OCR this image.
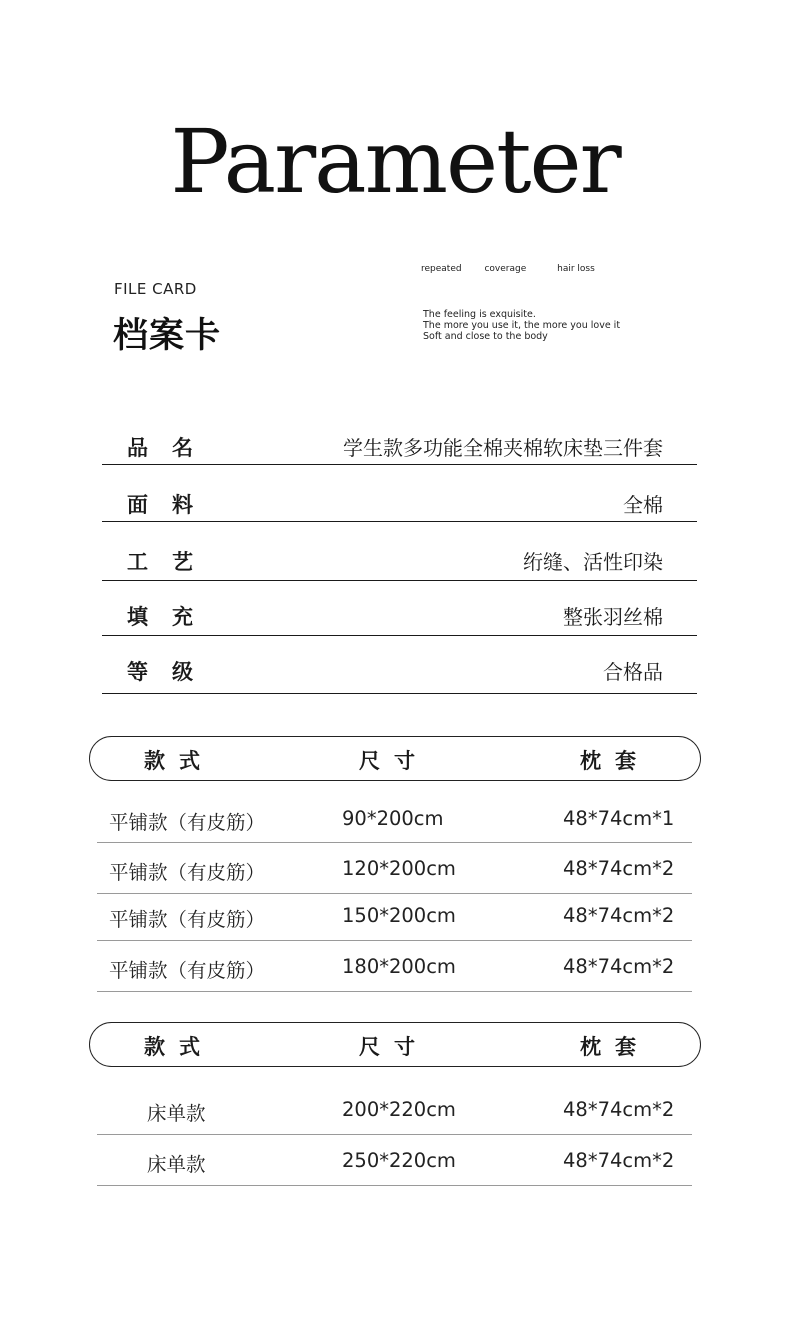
Parameter
repeated	coverage	hair loss
FILE CARD
档案卡
The feeling is exquisite.
The more you use it, the more you love it
Soft and close to the body
品名	学生款多功能全棉夹棉软床垫三件套
面料	全棉
工艺	绗缝、活性印染
填充	整张羽丝棉
等级	合格品
款式	尺寸	枕套
平铺款（有皮筋）	90*200cm	48*74cm*1
平铺款（有皮筋）	120*200cm	48*74cm*2
平铺款（有皮筋）	150*200cm	48*74cm*2
平铺款（有皮筋）	180*200cm	48*74cm*2
款式	尺寸	枕套
床单款	200*220cm	48*74cm*2
床单款	250*220cm	48*74cm*2
